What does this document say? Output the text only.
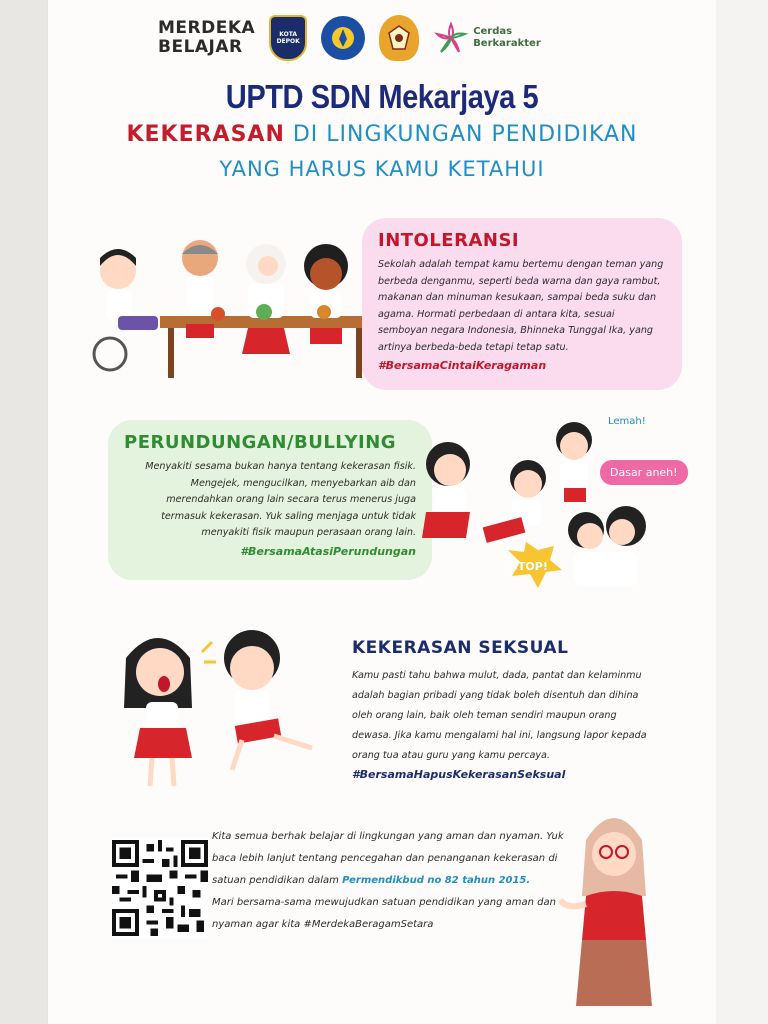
MERDEKA
BELAJAR
KOTA DEPOK
Cerdas
Berkarakter
UPTD SDN Mekarjaya 5
KEKERASAN DI LINGKUNGAN PENDIDIKAN
YANG HARUS KAMU KETAHUI
INTOLERANSI

Sekolah adalah tempat kamu bertemu dengan teman yang berbeda denganmu, seperti beda warna dan gaya rambut, makanan dan minuman kesukaan, sampai beda suku dan agama. Hormati perbedaan di antara kita, sesuai semboyan negara Indonesia, Bhinneka Tunggal Ika, yang artinya berbeda-beda tetapi tetap satu.

#BersamaCintaiKeragaman
PERUNDUNGAN/BULLYING

Menyakiti sesama bukan hanya tentang kekerasan fisik. Mengejek, mengucilkan, menyebarkan aib dan merendahkan orang lain secara terus menerus juga termasuk kekerasan. Yuk saling menjaga untuk tidak menyakiti fisik maupun perasaan orang lain.

#BersamaAtasiPerundungan
Lemah!
Dasar aneh!
STOP!
KEKERASAN SEKSUAL

Kamu pasti tahu bahwa mulut, dada, pantat dan kelaminmu adalah bagian pribadi yang tidak boleh disentuh dan dihina oleh orang lain, baik oleh teman sendiri maupun orang dewasa. Jika kamu mengalami hal ini, langsung lapor kepada orang tua atau guru yang kamu percaya.

#BersamaHapusKekerasanSeksual

Kita semua berhak belajar di lingkungan yang aman dan nyaman. Yuk baca lebih lanjut tentang pencegahan dan penanganan kekerasan di satuan pendidikan dalam Permendikbud no 82 tahun 2015.
Mari bersama-sama mewujudkan satuan pendidikan yang aman dan nyaman agar kita #MerdekaBeragamSetara
